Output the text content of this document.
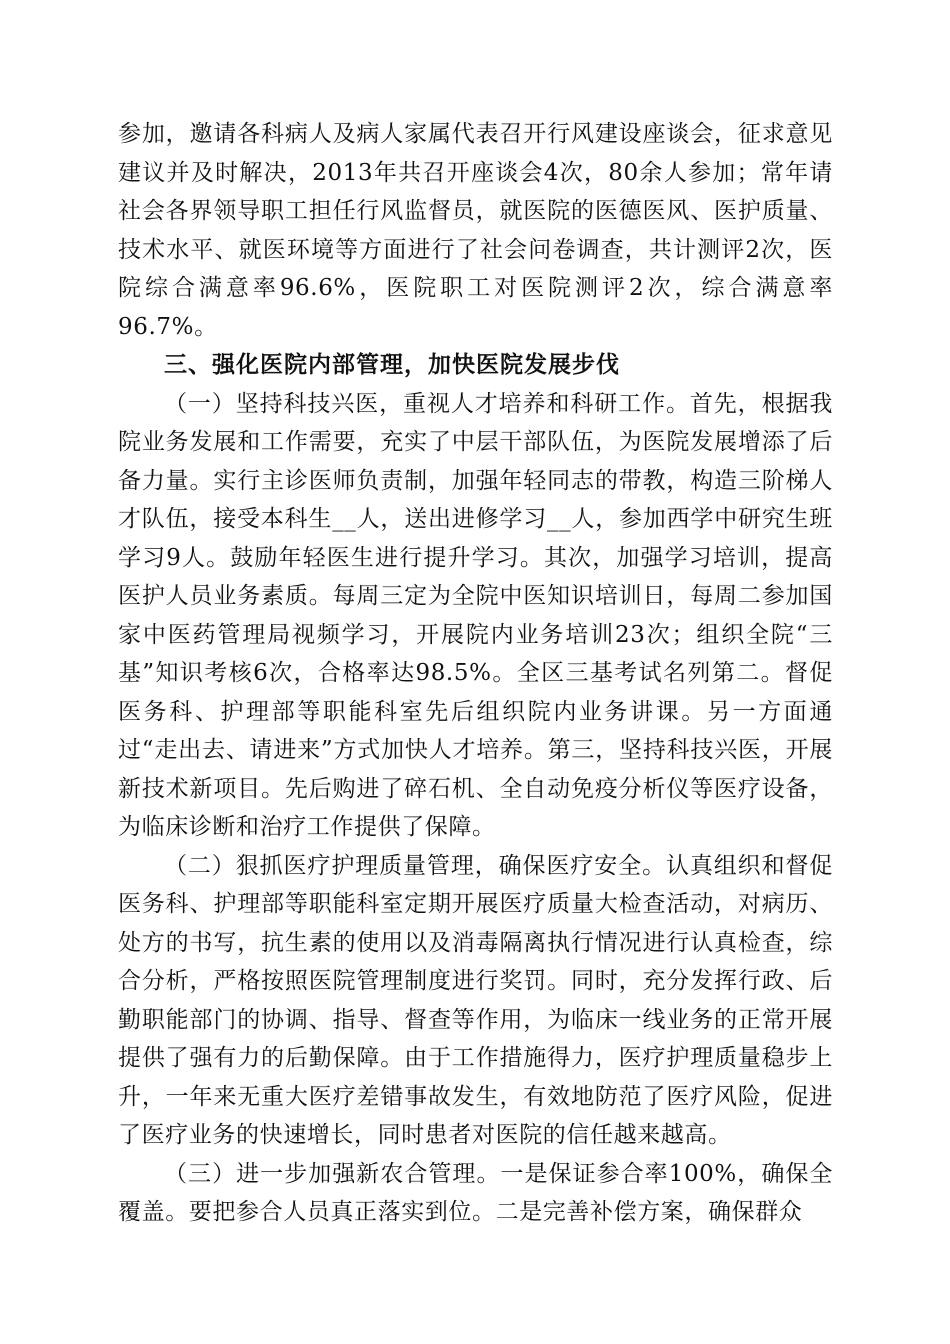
参加，邀请各科病人及病人家属代表召开行风建设座谈会，征求意见建议并及时解决，2013年共召开座谈会4次，80余人参加；常年请社会各界领导职工担任行风监督员，就医院的医德医风、医护质量、技术水平、就医环境等方面进行了社会问卷调查，共计测评2次，医院综合满意率96.6%，医院职工对医院测评2次，综合满意率96.7%。

三、强化医院内部管理，加快医院发展步伐

（一）坚持科技兴医，重视人才培养和科研工作。首先，根据我院业务发展和工作需要，充实了中层干部队伍，为医院发展增添了后备力量。实行主诊医师负责制，加强年轻同志的带教，构造三阶梯人才队伍，接受本科生__人，送出进修学习__人，参加西学中研究生班学习9人。鼓励年轻医生进行提升学习。其次，加强学习培训，提高医护人员业务素质。每周三定为全院中医知识培训日，每周二参加国家中医药管理局视频学习，开展院内业务培训23次；组织全院“三基”知识考核6次，合格率达98.5%。全区三基考试名列第二。督促医务科、护理部等职能科室先后组织院内业务讲课。另一方面通过“走出去、请进来”方式加快人才培养。第三，坚持科技兴医，开展新技术新项目。先后购进了碎石机、全自动免疫分析仪等医疗设备，为临床诊断和治疗工作提供了保障。

（二）狠抓医疗护理质量管理，确保医疗安全。认真组织和督促医务科、护理部等职能科室定期开展医疗质量大检查活动，对病历、处方的书写，抗生素的使用以及消毒隔离执行情况进行认真检查，综合分析，严格按照医院管理制度进行奖罚。同时，充分发挥行政、后勤职能部门的协调、指导、督查等作用，为临床一线业务的正常开展提供了强有力的后勤保障。由于工作措施得力，医疗护理质量稳步上升，一年来无重大医疗差错事故发生，有效地防范了医疗风险，促进了医疗业务的快速增长，同时患者对医院的信任越来越高。

（三）进一步加强新农合管理。一是保证参合率100%，确保全覆盖。要把参合人员真正落实到位。二是完善补偿方案，确保群众
